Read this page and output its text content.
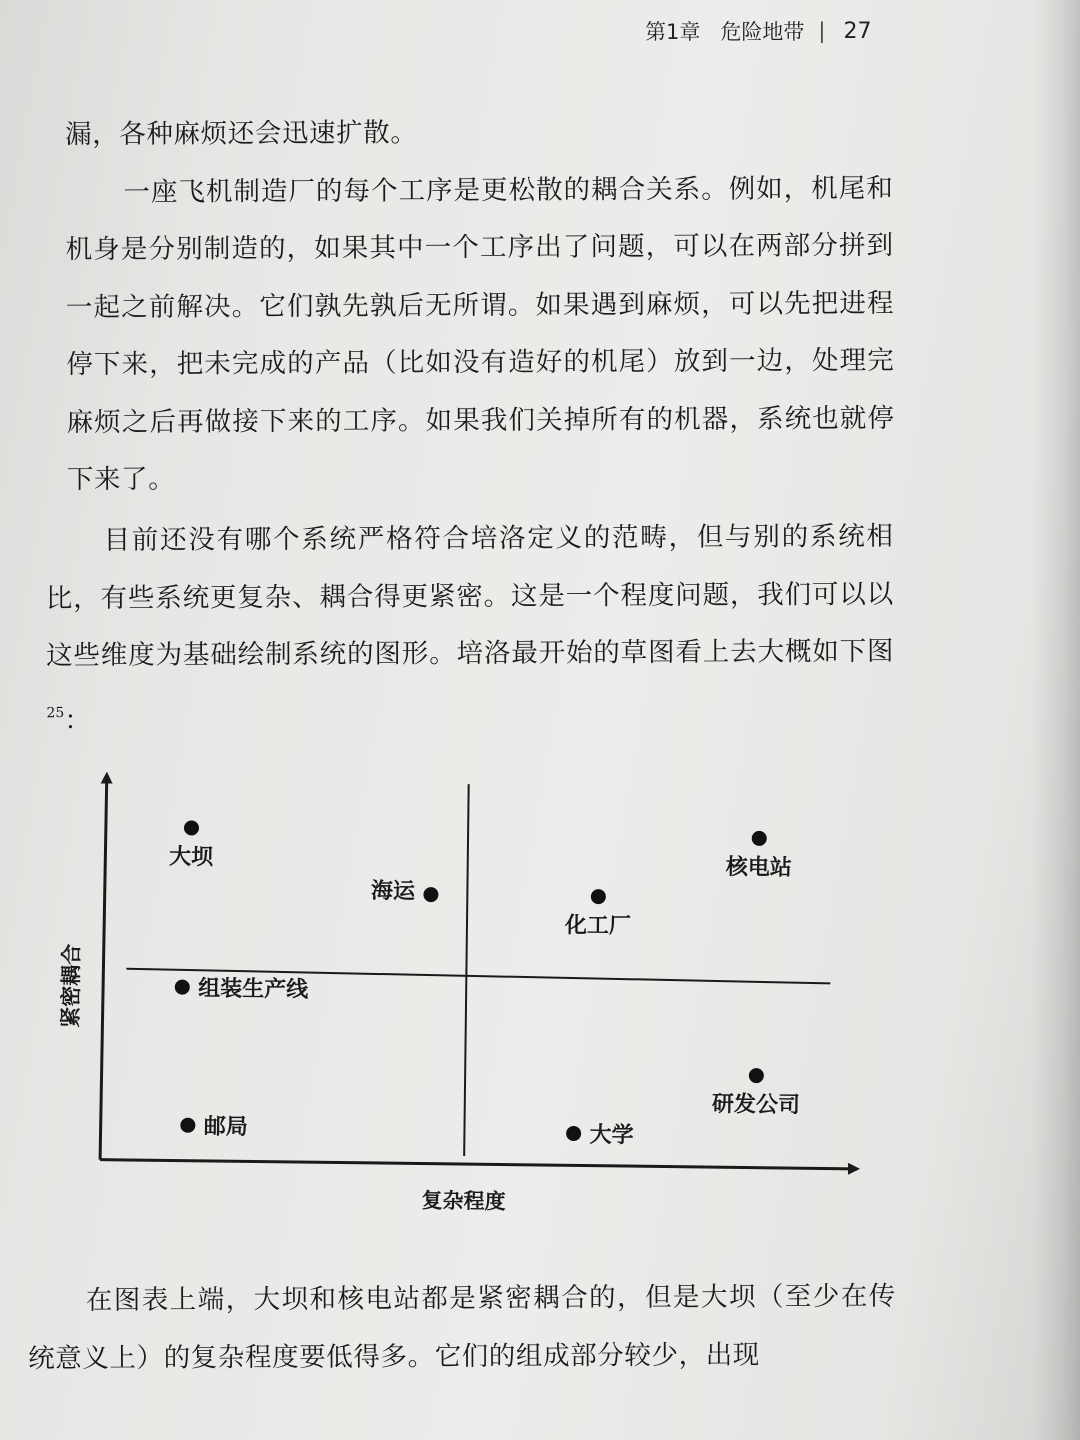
第1章 危险地带 | 27

漏，各种麻烦还会迅速扩散。

一座飞机制造厂的每个工序是更松散的耦合关系。例如，机尾和机身是分别制造的，如果其中一个工序出了问题，可以在两部分拼到一起之前解决。它们孰先孰后无所谓。如果遇到麻烦，可以先把进程停下来，把未完成的产品（比如没有造好的机尾）放到一边，处理完麻烦之后再做接下来的工序。如果我们关掉所有的机器，系统也就停下来了。

目前还没有哪个系统严格符合培洛定义的范畴，但与别的系统相比，有些系统更复杂、耦合得更紧密。这是一个程度问题，我们可以以这些维度为基础绘制系统的图形。培洛最开始的草图看上去大概如下图$^{25}$：

大坝	核电站
海运
化工厂
组装生产线
研发公司
邮局	大学
复杂程度
紧密耦合

在图表上端，大坝和核电站都是紧密耦合的，但是大坝（至少在传统意义上）的复杂程度要低得多。它们的组成部分较少，出现
